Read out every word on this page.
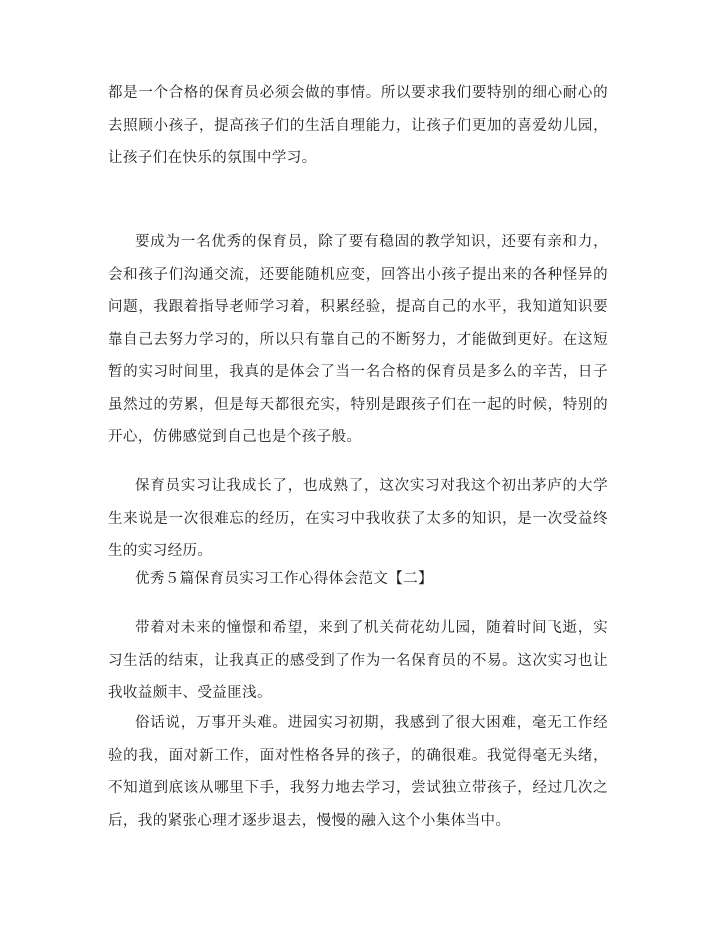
都是一个合格的保育员必须会做的事情。所以要求我们要特别的细心耐心的去照顾小孩子，提高孩子们的生活自理能力，让孩子们更加的喜爱幼儿园，让孩子们在快乐的氛围中学习。

要成为一名优秀的保育员，除了要有稳固的教学知识，还要有亲和力，会和孩子们沟通交流，还要能随机应变，回答出小孩子提出来的各种怪异的问题，我跟着指导老师学习着，积累经验，提高自己的水平，我知道知识要靠自己去努力学习的，所以只有靠自己的不断努力，才能做到更好。在这短暂的实习时间里，我真的是体会了当一名合格的保育员是多么的辛苦，日子虽然过的劳累，但是每天都很充实，特别是跟孩子们在一起的时候，特别的开心，仿佛感觉到自己也是个孩子般。

保育员实习让我成长了，也成熟了，这次实习对我这个初出茅庐的大学生来说是一次很难忘的经历，在实习中我收获了太多的知识，是一次受益终生的实习经历。

优秀５篇保育员实习工作心得体会范文【二】

带着对未来的憧憬和希望，来到了机关荷花幼儿园，随着时间飞逝，实习生活的结束，让我真正的感受到了作为一名保育员的不易。这次实习也让我收益颇丰、受益匪浅。

俗话说，万事开头难。进园实习初期，我感到了很大困难，毫无工作经验的我，面对新工作，面对性格各异的孩子，的确很难。我觉得毫无头绪，不知道到底该从哪里下手，我努力地去学习，尝试独立带孩子，经过几次之后，我的紧张心理才逐步退去，慢慢的融入这个小集体当中。
